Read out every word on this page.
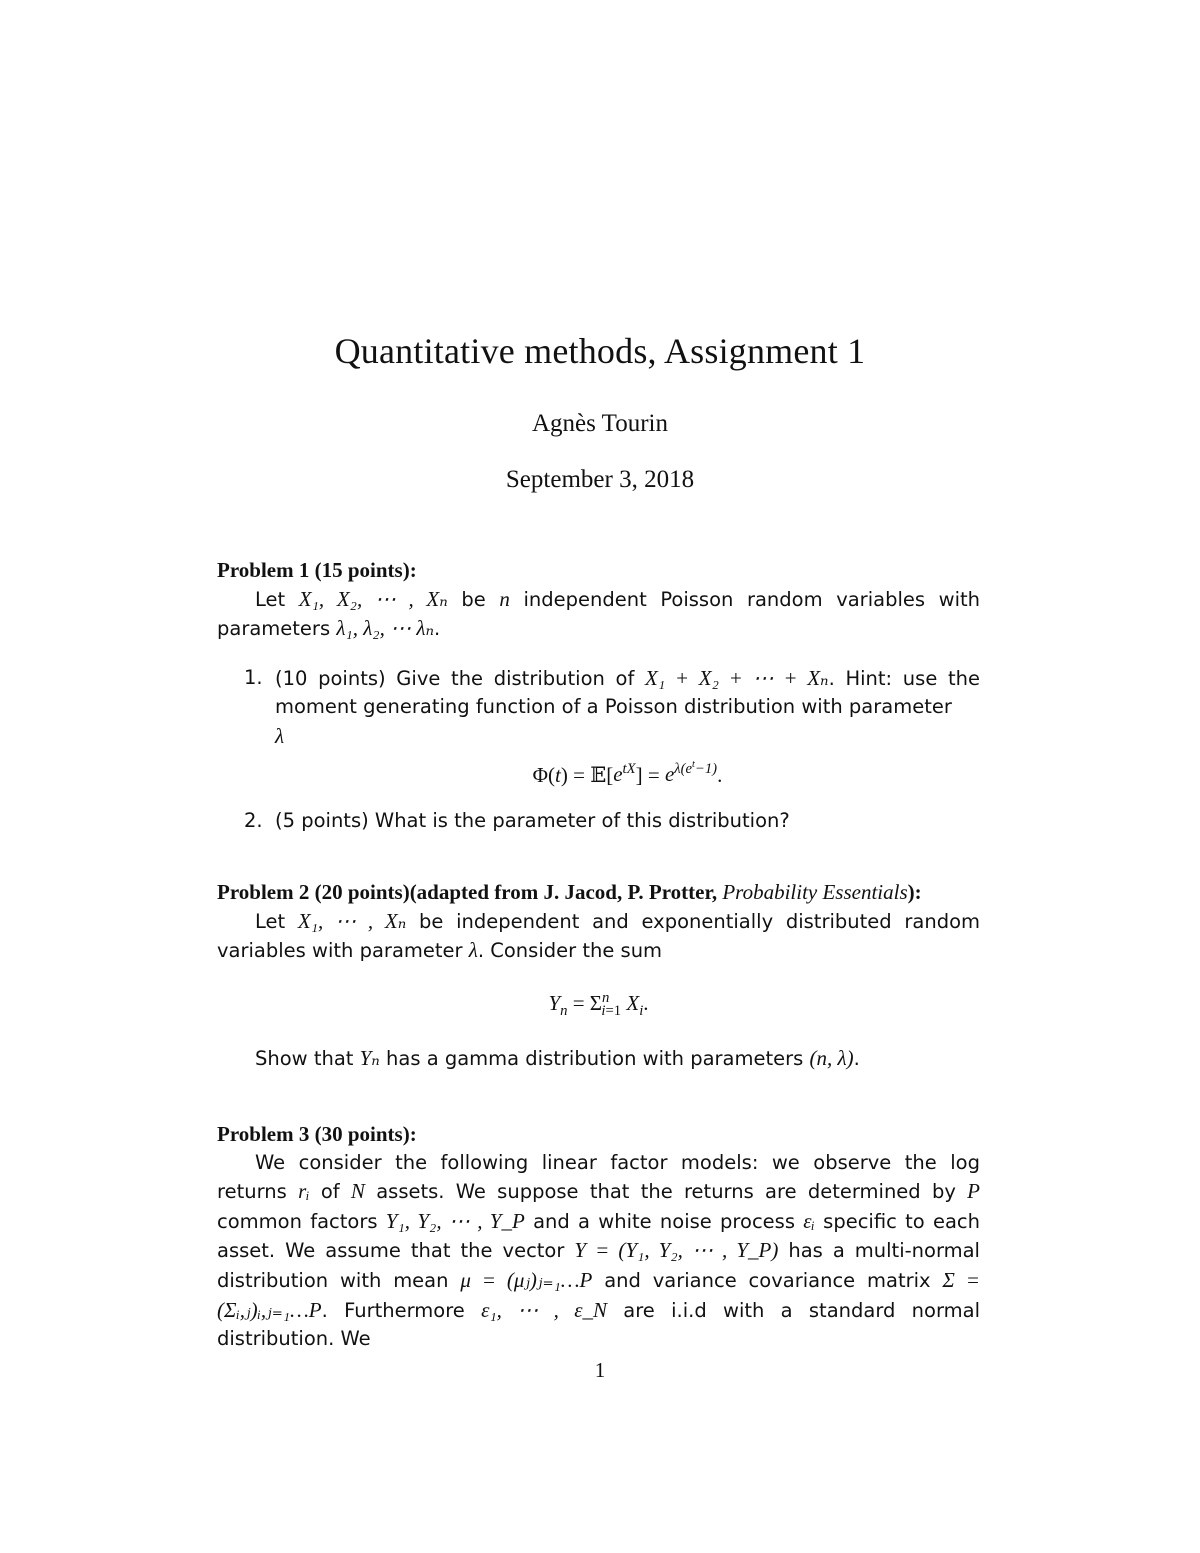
Quantitative methods, Assignment 1
Agnès Tourin
September 3, 2018
Problem 1 (15 points):

Let X₁, X₂, ⋯ , Xₙ be n independent Poisson random variables with parameters λ₁, λ₂, ⋯ λₙ.

1. (10 points) Give the distribution of X₁ + X₂ + ⋯ + Xₙ. Hint: use the moment generating function of a Poisson distribution with parameter
λ
$\Phi(t) = 𝔼[e^{tX}] = e^{\lambda(e^t-1)}$.
2. (5 points) What is the parameter of this distribution?
Problem 2 (20 points)(adapted from J. Jacod, P. Protter, Probability Essentials):

Let X₁, ⋯ , Xₙ be independent and exponentially distributed random variables with parameter λ. Consider the sum

$Y_n = \Sigma^n_{i=1}$ $X_i$.

Show that Yₙ has a gamma distribution with parameters (n, λ).

Problem 3 (30 points):

We consider the following linear factor models: we observe the log returns rᵢ of N assets. We suppose that the returns are determined by P common factors Y₁, Y₂, ⋯ , Y_P and a white noise process εᵢ specific to each asset. We assume that the vector Y = (Y₁, Y₂, ⋯ , Y_P) has a multi-normal distribution with mean μ = (μⱼ)ⱼ₌₁…P and variance covariance matrix Σ = (Σᵢ,ⱼ)ᵢ,ⱼ₌₁…P. Furthermore ε₁, ⋯ , ε_N are i.i.d with a standard normal distribution. We

1
